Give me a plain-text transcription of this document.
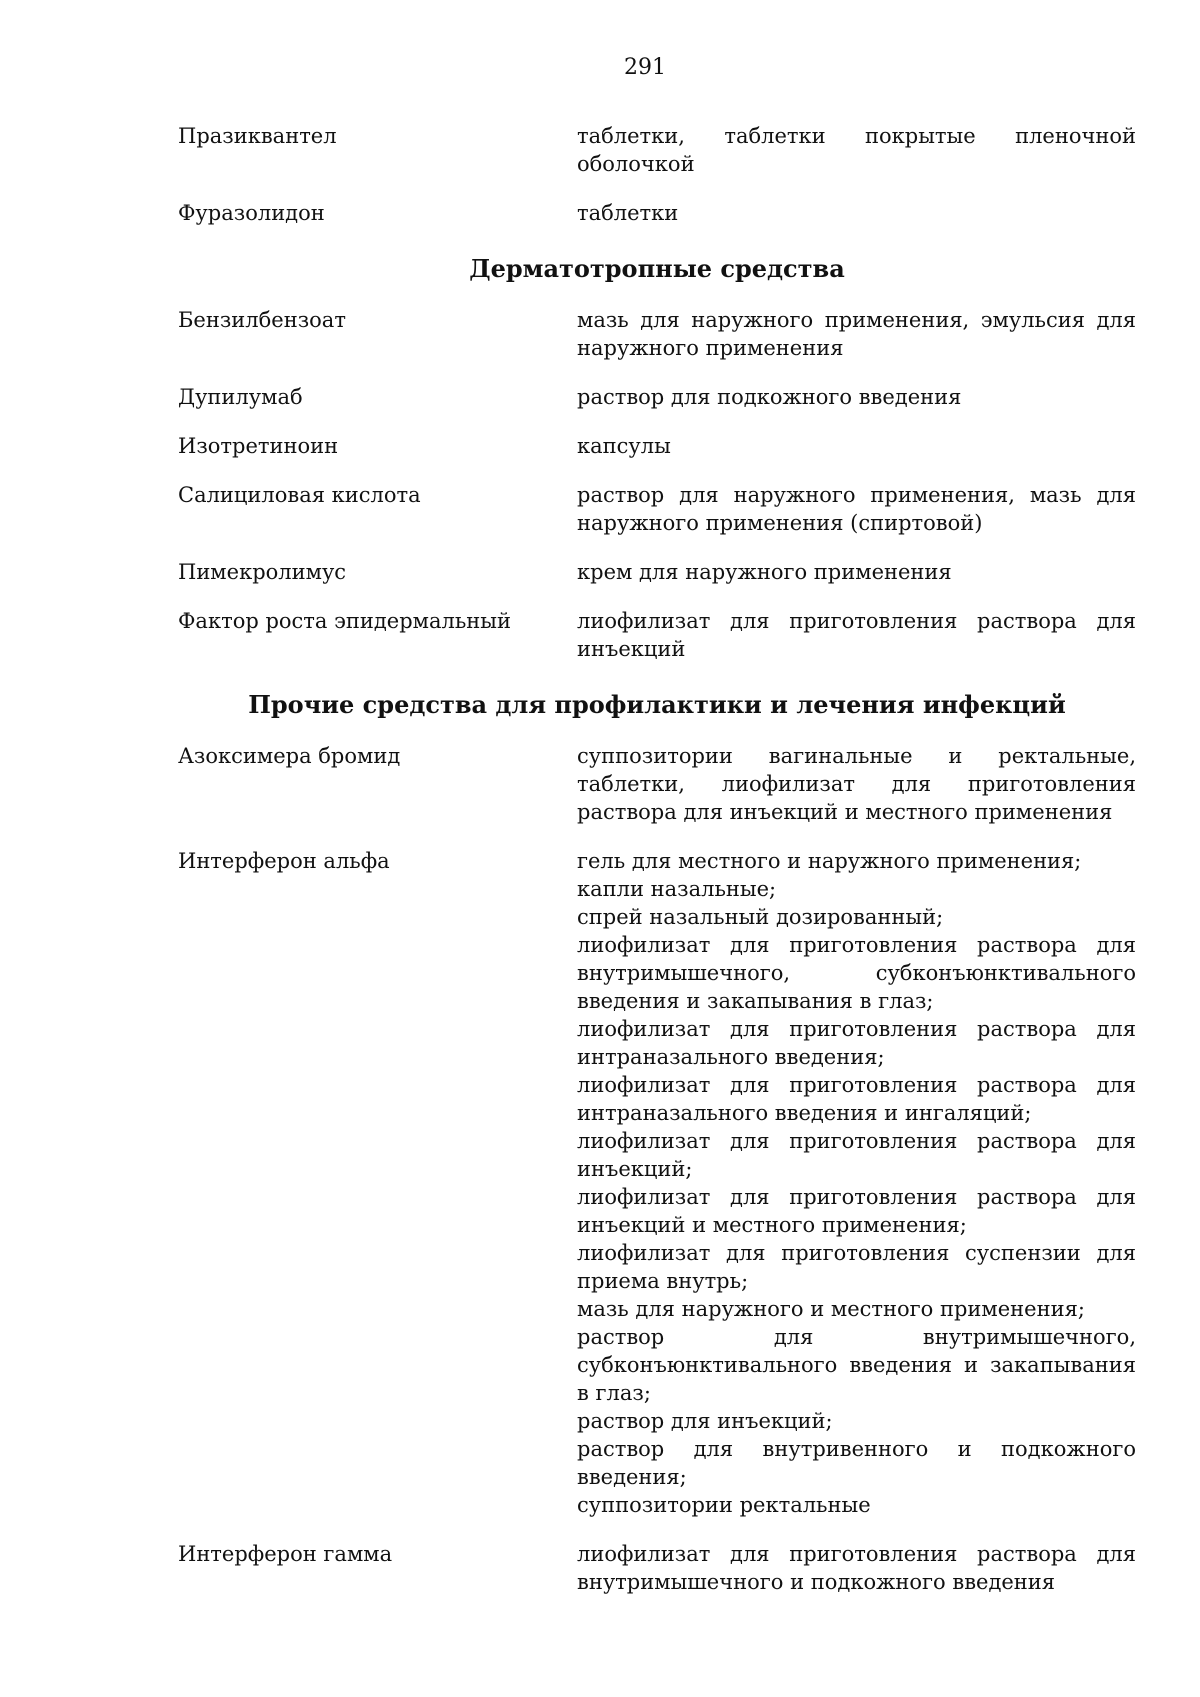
291
Празиквантел	таблетки, таблетки покрытые пленочной оболочкой
Фуразолидон	таблетки
Дерматотропные средства
Бензилбензоат	мазь для наружного применения, эмульсия для наружного применения
Дупилумаб	раствор для подкожного введения
Изотретиноин	капсулы
Салициловая кислота	раствор для наружного применения, мазь для наружного применения (спиртовой)
Пимекролимус	крем для наружного применения
Фактор роста эпидермальный	лиофилизат для приготовления раствора для инъекций
Прочие средства для профилактики и лечения инфекций
Азоксимера бромид	суппозитории вагинальные и ректальные, таблетки, лиофилизат для приготовления раствора для инъекций и местного применения
Интерферон альфа	гель для местного и наружного применения;
капли назальные;
спрей назальный дозированный;
лиофилизат для приготовления раствора для внутримышечного, субконъюнктивального введения и закапывания в глаз;
лиофилизат для приготовления раствора для интраназального введения;
лиофилизат для приготовления раствора для интраназального введения и ингаляций;
лиофилизат для приготовления раствора для инъекций;
лиофилизат для приготовления раствора для инъекций и местного применения;
лиофилизат для приготовления суспензии для приема внутрь;
мазь для наружного и местного применения;
раствор для внутримышечного, субконъюнктивального введения и закапывания в глаз;
раствор для инъекций;
раствор для внутривенного и подкожного введения;
суппозитории ректальные
Интерферон гамма	лиофилизат для приготовления раствора для внутримышечного и подкожного введения
